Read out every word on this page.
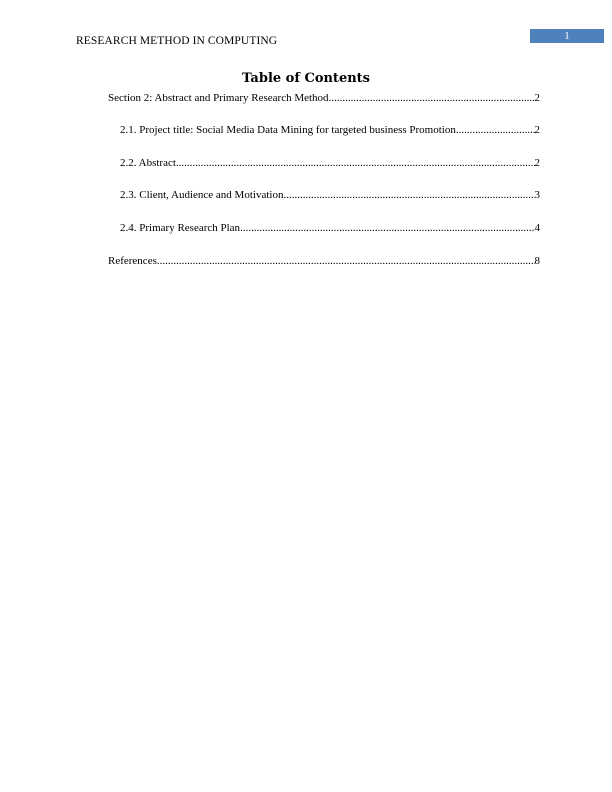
RESEARCH METHOD IN COMPUTING	1
Table of Contents
Section 2: Abstract and Primary Research Method .....	2
2.1. Project title: Social Media Data Mining for targeted business Promotion .....	2
2.2. Abstract .....	2
2.3. Client, Audience and Motivation .....	3
2.4. Primary Research Plan .....	4
References .....	8
